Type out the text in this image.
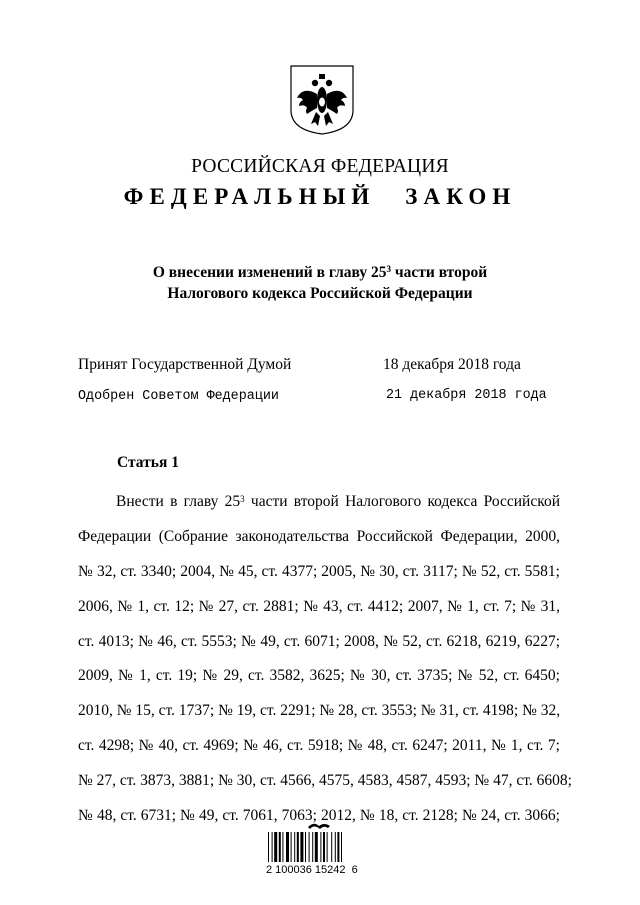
РОССИЙСКАЯ ФЕДЕРАЦИЯ
ФЕДЕРАЛЬНЫЙ ЗАКОН
О внесении изменений в главу $25^3$ части второй
Налогового кодекса Российской Федерации
Принят Государственной Думой	18 декабря 2018 года
Одобрен Советом Федерации	21 декабря 2018 года
Статья 1
Внести в главу $25^3$ части второй Налогового кодекса Российской
Федерации (Собрание законодательства Российской Федерации, 2000,
№ 32, ст. 3340; 2004, № 45, ст. 4377; 2005, № 30, ст. 3117; № 52, ст. 5581;
2006, № 1, ст. 12; № 27, ст. 2881; № 43, ст. 4412; 2007, № 1, ст. 7; № 31,
ст. 4013; № 46, ст. 5553; № 49, ст. 6071; 2008, № 52, ст. 6218, 6219, 6227;
2009, № 1, ст. 19; № 29, ст. 3582, 3625; № 30, ст. 3735; № 52, ст. 6450;
2010, № 15, ст. 1737; № 19, ст. 2291; № 28, ст. 3553; № 31, ст. 4198; № 32,
ст. 4298; № 40, ст. 4969; № 46, ст. 5918; № 48, ст. 6247; 2011, № 1, ст. 7;
№ 27, ст. 3873, 3881; № 30, ст. 4566, 4575, 4583, 4587, 4593; № 47, ст. 6608;
№ 48, ст. 6731; № 49, ст. 7061, 7063; 2012, № 18, ст. 2128; № 24, ст. 3066;
2 100036 15242  6
